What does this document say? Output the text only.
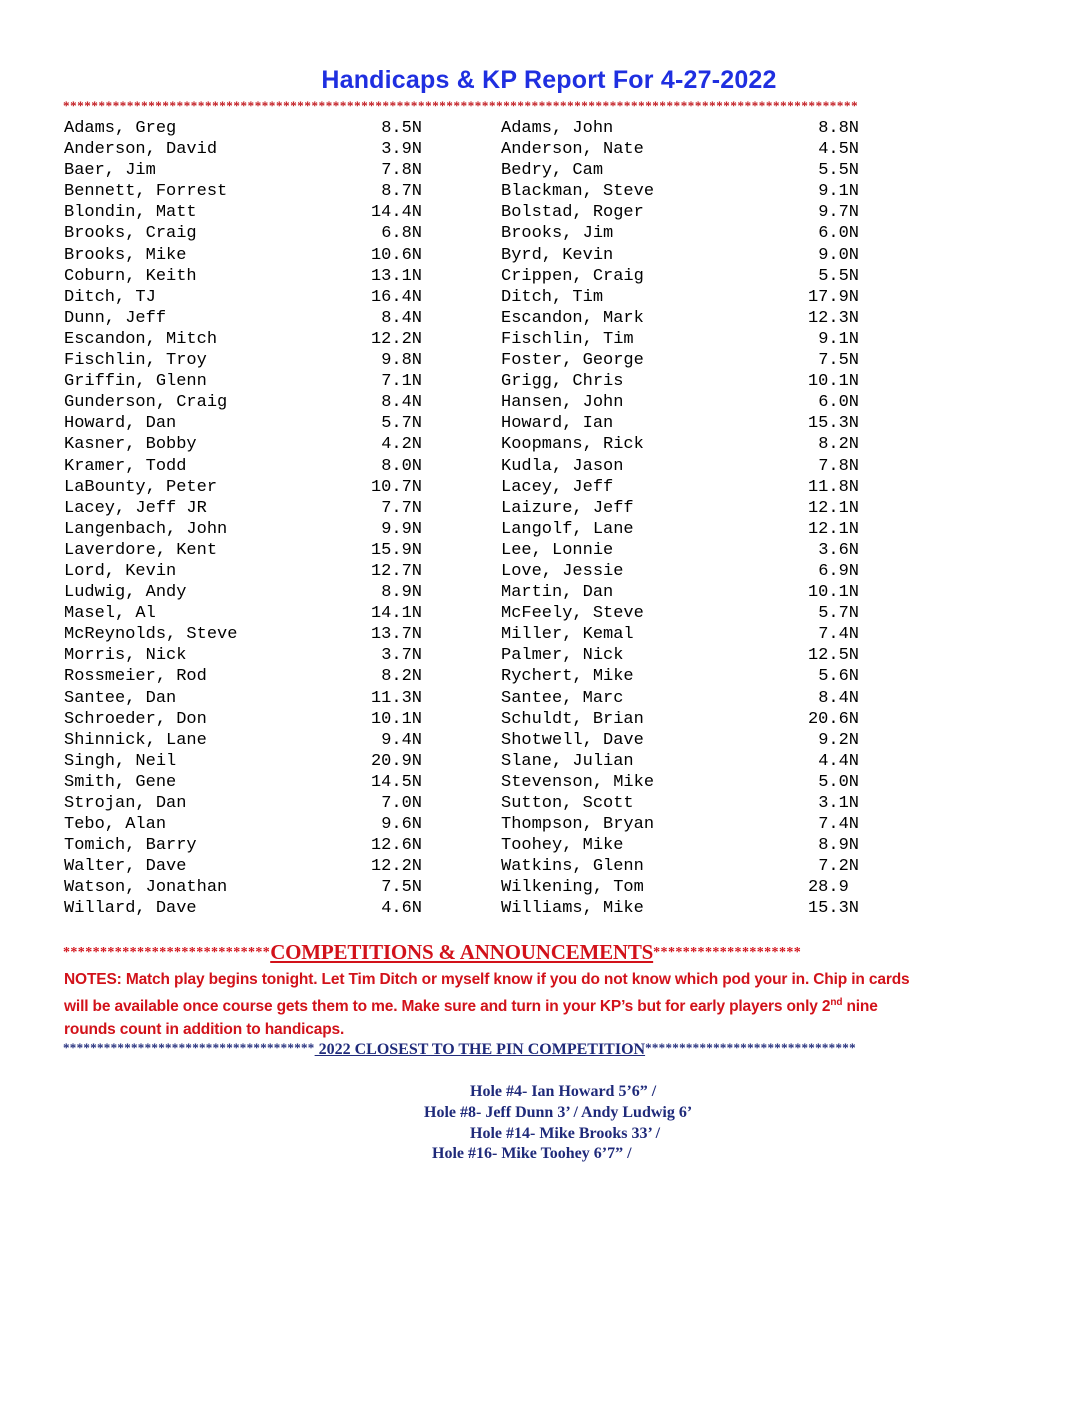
Handicaps & KP Report For 4-27-2022
****************************************************************************************************************
Adams, Greg	8.5N
Anderson, David	3.9N
Baer, Jim	7.8N
Bennett, Forrest	8.7N
Blondin, Matt	14.4N
Brooks, Craig	6.8N
Brooks, Mike	10.6N
Coburn, Keith	13.1N
Ditch, TJ	16.4N
Dunn, Jeff	8.4N
Escandon, Mitch	12.2N
Fischlin, Troy	9.8N
Griffin, Glenn	7.1N
Gunderson, Craig	8.4N
Howard, Dan	5.7N
Kasner, Bobby	4.2N
Kramer, Todd	8.0N
LaBounty, Peter	10.7N
Lacey, Jeff JR	7.7N
Langenbach, John	9.9N
Laverdore, Kent	15.9N
Lord, Kevin	12.7N
Ludwig, Andy	8.9N
Masel, Al	14.1N
McReynolds, Steve	13.7N
Morris, Nick	3.7N
Rossmeier, Rod	8.2N
Santee, Dan	11.3N
Schroeder, Don	10.1N
Shinnick, Lane	9.4N
Singh, Neil	20.9N
Smith, Gene	14.5N
Strojan, Dan	7.0N
Tebo, Alan	9.6N
Tomich, Barry	12.6N
Walter, Dave	12.2N
Watson, Jonathan	7.5N
Willard, Dave	4.6N
Adams, John	8.8N
Anderson, Nate	4.5N
Bedry, Cam	5.5N
Blackman, Steve	9.1N
Bolstad, Roger	9.7N
Brooks, Jim	6.0N
Byrd, Kevin	9.0N
Crippen, Craig	5.5N
Ditch, Tim	17.9N
Escandon, Mark	12.3N
Fischlin, Tim	9.1N
Foster, George	7.5N
Grigg, Chris	10.1N
Hansen, John	6.0N
Howard, Ian	15.3N
Koopmans, Rick	8.2N
Kudla, Jason	7.8N
Lacey, Jeff	11.8N
Laizure, Jeff	12.1N
Langolf, Lane	12.1N
Lee, Lonnie	3.6N
Love, Jessie	6.9N
Martin, Dan	10.1N
McFeely, Steve	5.7N
Miller, Kemal	7.4N
Palmer, Nick	12.5N
Rychert, Mike	5.6N
Santee, Marc	8.4N
Schuldt, Brian	20.6N
Shotwell, Dave	9.2N
Slane, Julian	4.4N
Stevenson, Mike	5.0N
Sutton, Scott	3.1N
Thompson, Bryan	7.4N
Toohey, Mike	8.9N
Watkins, Glenn	7.2N
Wilkening, Tom	28.9
Williams, Mike	15.3N
****************************COMPETITIONS & ANNOUNCEMENTS********************
NOTES: Match play begins tonight. Let Tim Ditch or myself know if you do not know which pod your in. Chip in cards
will be available once course gets them to me. Make sure and turn in your KP’s but for early players only 2nd nine
rounds count in addition to handicaps.
************************************* 2022 CLOSEST TO THE PIN COMPETITION*******************************
Hole #4- Ian Howard 5’6” /
Hole #8- Jeff Dunn 3’ / Andy Ludwig 6’
Hole #14- Mike Brooks 33’ /
Hole #16- Mike Toohey 6’7” /
